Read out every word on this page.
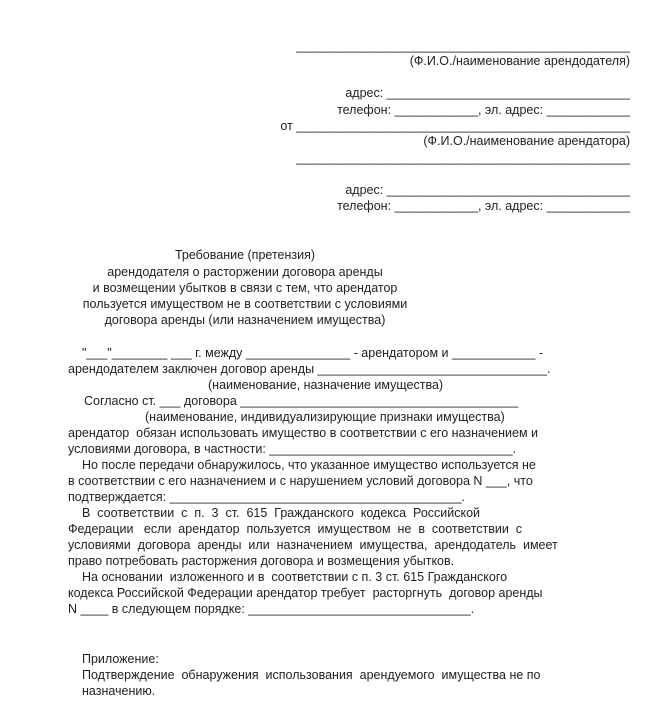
________________________________________________
(Ф.И.О./наименование арендодателя)
адрес: ___________________________________
телефон: ____________, эл. адрес: ____________
от ________________________________________________
(Ф.И.О./наименование арендатора)
________________________________________________
адрес: ___________________________________
телефон: ____________, эл. адрес: ____________
Требование (претензия)
арендодателя о расторжении договора аренды
и возмещении убытков в связи с тем, что арендатор
пользуется имуществом не в соответствии с условиями
договора аренды (или назначением имущества)
"___"________ ___ г. между _______________ - арендатором и ____________ -
арендодателем заключен договор аренды _________________________________.
(наименование, назначение имущества)
Согласно ст. ___ договора ________________________________________
(наименование, индивидуализирующие признаки имущества)
арендатор  обязан использовать имущество в соответствии с его назначением и
условиями договора, в частности: ___________________________________.
Но после передачи обнаружилось, что указанное имущество используется не
в соответствии с его назначением и с нарушением условий договора N ___, что
подтверждается: __________________________________________.
В  соответствии  с  п.  3  ст.  615  Гражданского  кодекса  Российской
Федерации   если  арендатор  пользуется  имуществом  не  в  соответствии  с
условиями  договора  аренды  или  назначением  имущества,  арендодатель  имеет
право потребовать расторжения договора и возмещения убытков.
На основании  изложенного и в  соответствии с п. 3 ст. 615 Гражданского
кодекса Российской Федерации арендатор требует  расторгнуть  договор аренды
N ____ в следующем порядке: ________________________________.
Приложение:
Подтверждение  обнаружения  использования  арендуемого  имущества не по
назначению.
